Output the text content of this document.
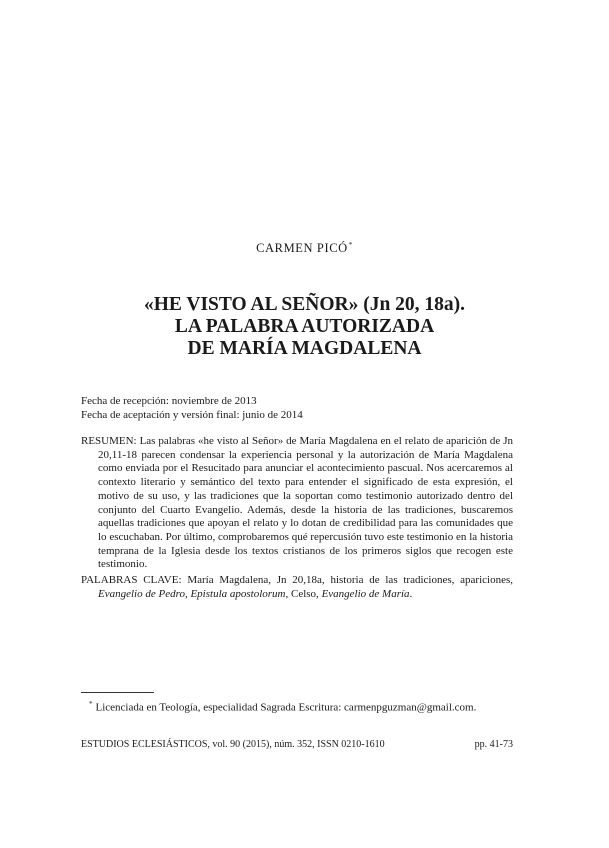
CARMEN PICÓ*
«HE VISTO AL SEÑOR» (Jn 20, 18a).
LA PALABRA AUTORIZADA
DE MARÍA MAGDALENA
Fecha de recepción: noviembre de 2013
Fecha de aceptación y versión final: junio de 2014

RESUMEN: Las palabras «he visto al Señor» de María Magdalena en el relato de aparición de Jn 20,11-18 parecen condensar la experiencia personal y la autorización de María Magdalena como enviada por el Resucitado para anunciar el acontecimiento pascual. Nos acercaremos al contexto literario y semántico del texto para entender el significado de esta expresión, el motivo de su uso, y las tradiciones que la soportan como testimonio autorizado dentro del conjunto del Cuarto Evangelio. Además, desde la historia de las tradiciones, buscaremos aquellas tradiciones que apoyan el relato y lo dotan de credibilidad para las comunidades que lo escuchaban. Por último, comprobaremos qué repercusión tuvo este testimonio en la historia temprana de la Iglesia desde los textos cristianos de los primeros siglos que recogen este testimonio.

PALABRAS CLAVE: María Magdalena, Jn 20,18a, historia de las tradiciones, apariciones, Evangelio de Pedro, Epistula apostolorum, Celso, Evangelio de María.

* Licenciada en Teología, especialidad Sagrada Escritura: carmenpguzman@gmail.com.
ESTUDIOS ECLESIÁSTICOS, vol. 90 (2015), núm. 352, ISSN 0210-1610	pp. 41-73
